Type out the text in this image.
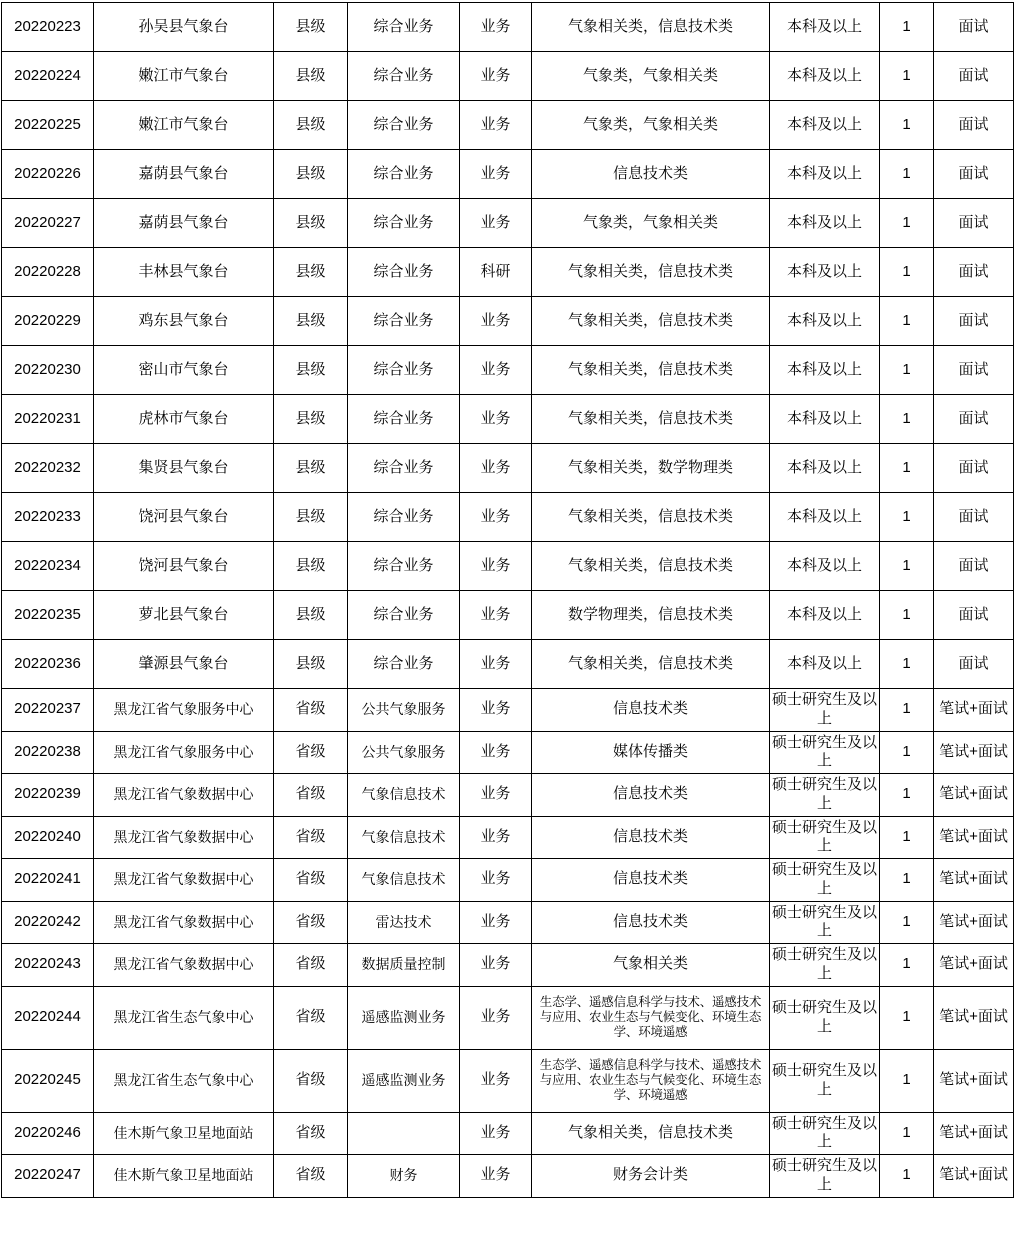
20220223	孙吴县气象台	县级	综合业务	业务	气象相关类，信息技术类	本科及以上	1	面试
20220224	嫩江市气象台	县级	综合业务	业务	气象类，气象相关类	本科及以上	1	面试
20220225	嫩江市气象台	县级	综合业务	业务	气象类，气象相关类	本科及以上	1	面试
20220226	嘉荫县气象台	县级	综合业务	业务	信息技术类	本科及以上	1	面试
20220227	嘉荫县气象台	县级	综合业务	业务	气象类，气象相关类	本科及以上	1	面试
20220228	丰林县气象台	县级	综合业务	科研	气象相关类，信息技术类	本科及以上	1	面试
20220229	鸡东县气象台	县级	综合业务	业务	气象相关类，信息技术类	本科及以上	1	面试
20220230	密山市气象台	县级	综合业务	业务	气象相关类，信息技术类	本科及以上	1	面试
20220231	虎林市气象台	县级	综合业务	业务	气象相关类，信息技术类	本科及以上	1	面试
20220232	集贤县气象台	县级	综合业务	业务	气象相关类，数学物理类	本科及以上	1	面试
20220233	饶河县气象台	县级	综合业务	业务	气象相关类，信息技术类	本科及以上	1	面试
20220234	饶河县气象台	县级	综合业务	业务	气象相关类，信息技术类	本科及以上	1	面试
20220235	萝北县气象台	县级	综合业务	业务	数学物理类，信息技术类	本科及以上	1	面试
20220236	肇源县气象台	县级	综合业务	业务	气象相关类，信息技术类	本科及以上	1	面试
20220237	黑龙江省气象服务中心	省级	公共气象服务	业务	信息技术类	硕士研究生及以上	1	笔试+面试
20220238	黑龙江省气象服务中心	省级	公共气象服务	业务	媒体传播类	硕士研究生及以上	1	笔试+面试
20220239	黑龙江省气象数据中心	省级	气象信息技术	业务	信息技术类	硕士研究生及以上	1	笔试+面试
20220240	黑龙江省气象数据中心	省级	气象信息技术	业务	信息技术类	硕士研究生及以上	1	笔试+面试
20220241	黑龙江省气象数据中心	省级	气象信息技术	业务	信息技术类	硕士研究生及以上	1	笔试+面试
20220242	黑龙江省气象数据中心	省级	雷达技术	业务	信息技术类	硕士研究生及以上	1	笔试+面试
20220243	黑龙江省气象数据中心	省级	数据质量控制	业务	气象相关类	硕士研究生及以上	1	笔试+面试
20220244	黑龙江省生态气象中心	省级	遥感监测业务	业务	生态学、遥感信息科学与技术、遥感技术与应用、农业生态与气候变化、环境生态学、环境遥感	硕士研究生及以上	1	笔试+面试
20220245	黑龙江省生态气象中心	省级	遥感监测业务	业务	生态学、遥感信息科学与技术、遥感技术与应用、农业生态与气候变化、环境生态学、环境遥感	硕士研究生及以上	1	笔试+面试
20220246	佳木斯气象卫星地面站	省级		业务	气象相关类，信息技术类	硕士研究生及以上	1	笔试+面试
20220247	佳木斯气象卫星地面站	省级	财务	业务	财务会计类	硕士研究生及以上	1	笔试+面试
